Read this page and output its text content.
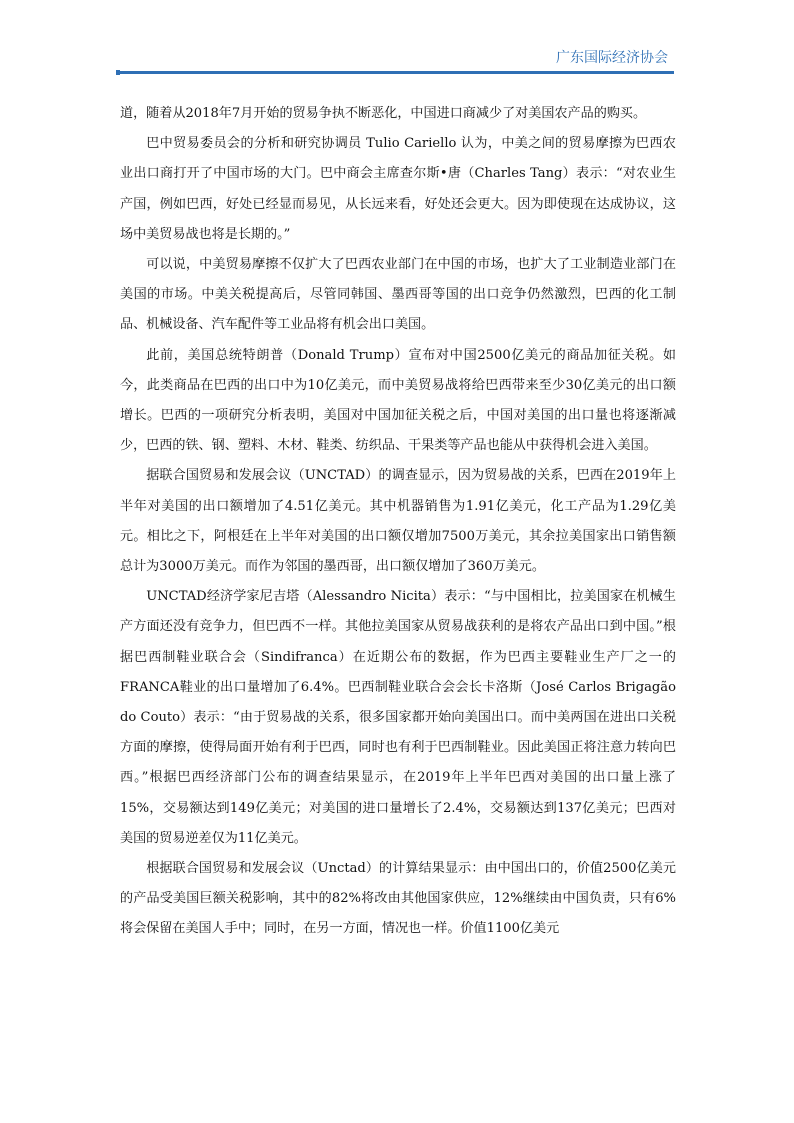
广东国际经济协会

道，随着从2018年7月开始的贸易争执不断恶化，中国进口商减少了对美国农产品的购买。

巴中贸易委员会的分析和研究协调员 Tulio Cariello 认为，中美之间的贸易摩擦为巴西农业出口商打开了中国市场的大门。巴中商会主席查尔斯•唐（Charles Tang）表示：“对农业生产国，例如巴西，好处已经显而易见，从长远来看，好处还会更大。因为即使现在达成协议，这场中美贸易战也将是长期的。”

可以说，中美贸易摩擦不仅扩大了巴西农业部门在中国的市场，也扩大了工业制造业部门在美国的市场。中美关税提高后，尽管同韩国、墨西哥等国的出口竞争仍然激烈，巴西的化工制品、机械设备、汽车配件等工业品将有机会出口美国。

此前，美国总统特朗普（Donald Trump）宣布对中国2500亿美元的商品加征关税。如今，此类商品在巴西的出口中为10亿美元，而中美贸易战将给巴西带来至少30亿美元的出口额增长。巴西的一项研究分析表明，美国对中国加征关税之后，中国对美国的出口量也将逐渐减少，巴西的铁、钢、塑料、木材、鞋类、纺织品、干果类等产品也能从中获得机会进入美国。

据联合国贸易和发展会议（UNCTAD）的调查显示，因为贸易战的关系，巴西在2019年上半年对美国的出口额增加了4.51亿美元。其中机器销售为1.91亿美元，化工产品为1.29亿美元。相比之下，阿根廷在上半年对美国的出口额仅增加7500万美元，其余拉美国家出口销售额总计为3000万美元。而作为邻国的墨西哥，出口额仅增加了360万美元。

UNCTAD经济学家尼吉塔（Alessandro Nicita）表示：“与中国相比，拉美国家在机械生产方面还没有竞争力，但巴西不一样。其他拉美国家从贸易战获利的是将农产品出口到中国。”根据巴西制鞋业联合会（Sindifranca）在近期公布的数据，作为巴西主要鞋业生产厂之一的FRANCA鞋业的出口量增加了6.4%。巴西制鞋业联合会会长卡洛斯（José Carlos Brigagão do Couto）表示：“由于贸易战的关系，很多国家都开始向美国出口。而中美两国在进出口关税方面的摩擦，使得局面开始有利于巴西，同时也有利于巴西制鞋业。因此美国正将注意力转向巴西。”根据巴西经济部门公布的调查结果显示，在2019年上半年巴西对美国的出口量上涨了15%，交易额达到149亿美元；对美国的进口量增长了2.4%，交易额达到137亿美元；巴西对美国的贸易逆差仅为11亿美元。

根据联合国贸易和发展会议（Unctad）的计算结果显示：由中国出口的，价值2500亿美元的产品受美国巨额关税影响，其中的82%将改由其他国家供应，12%继续由中国负责，只有6%将会保留在美国人手中；同时，在另一方面，情况也一样。价值1100亿美元
